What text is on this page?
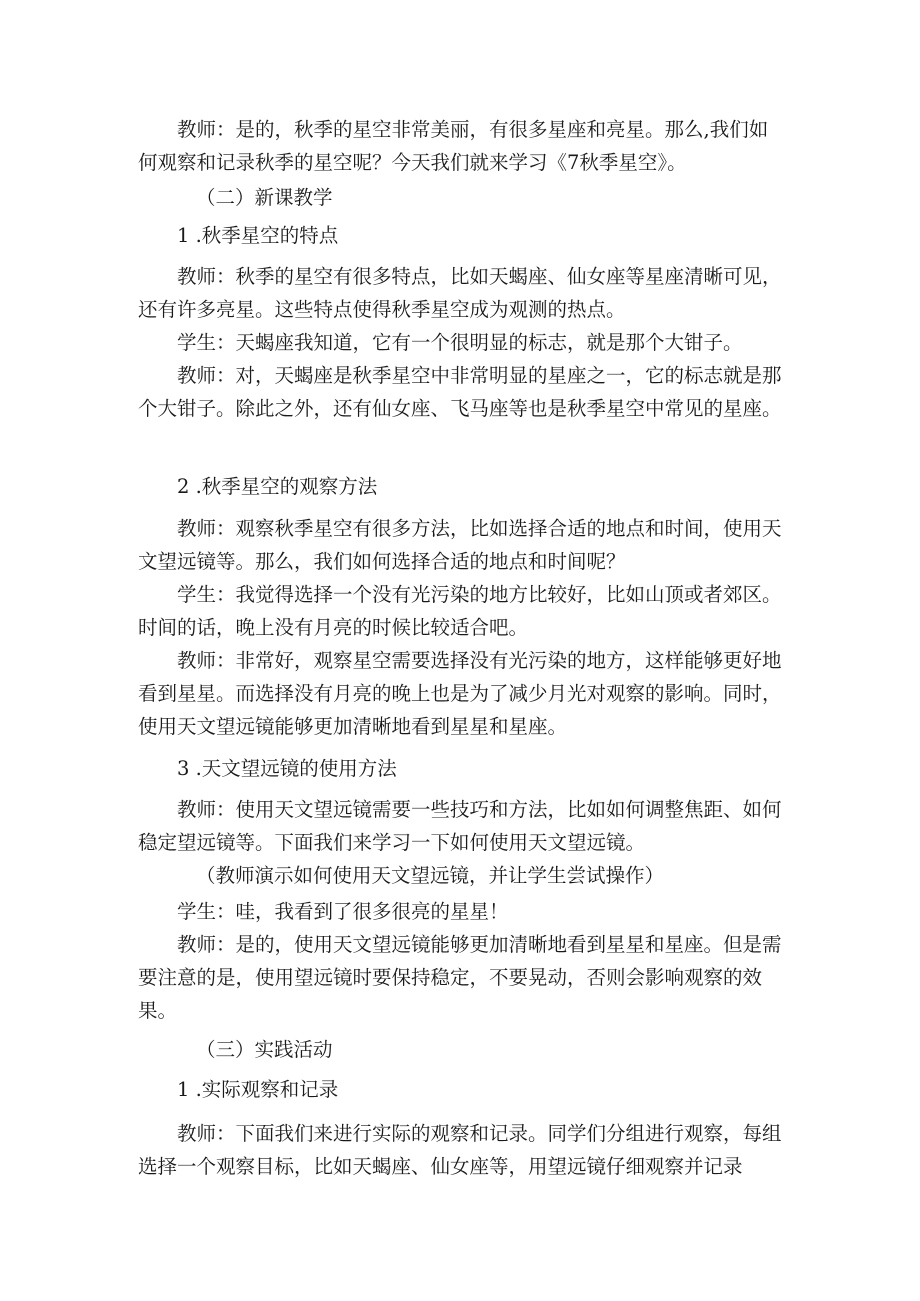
教师：是的，秋季的星空非常美丽，有很多星座和亮星。那么,我们如何观察和记录秋季的星空呢？今天我们就来学习《7秋季星空》。

（二）新课教学

1 .秋季星空的特点

教师：秋季的星空有很多特点，比如天蝎座、仙女座等星座清晰可见，还有许多亮星。这些特点使得秋季星空成为观测的热点。

学生：天蝎座我知道，它有一个很明显的标志，就是那个大钳子。

教师：对，天蝎座是秋季星空中非常明显的星座之一，它的标志就是那个大钳子。除此之外，还有仙女座、飞马座等也是秋季星空中常见的星座。

2 .秋季星空的观察方法

教师：观察秋季星空有很多方法，比如选择合适的地点和时间，使用天文望远镜等。那么，我们如何选择合适的地点和时间呢？

学生：我觉得选择一个没有光污染的地方比较好，比如山顶或者郊区。时间的话，晚上没有月亮的时候比较适合吧。

教师：非常好，观察星空需要选择没有光污染的地方，这样能够更好地看到星星。而选择没有月亮的晚上也是为了减少月光对观察的影响。同时，使用天文望远镜能够更加清晰地看到星星和星座。

3 .天文望远镜的使用方法

教师：使用天文望远镜需要一些技巧和方法，比如如何调整焦距、如何稳定望远镜等。下面我们来学习一下如何使用天文望远镜。

（教师演示如何使用天文望远镜，并让学生尝试操作）

学生：哇，我看到了很多很亮的星星！

教师：是的，使用天文望远镜能够更加清晰地看到星星和星座。但是需要注意的是，使用望远镜时要保持稳定，不要晃动，否则会影响观察的效果。

（三）实践活动

1 .实际观察和记录

教师：下面我们来进行实际的观察和记录。同学们分组进行观察，每组选择一个观察目标，比如天蝎座、仙女座等，用望远镜仔细观察并记录
